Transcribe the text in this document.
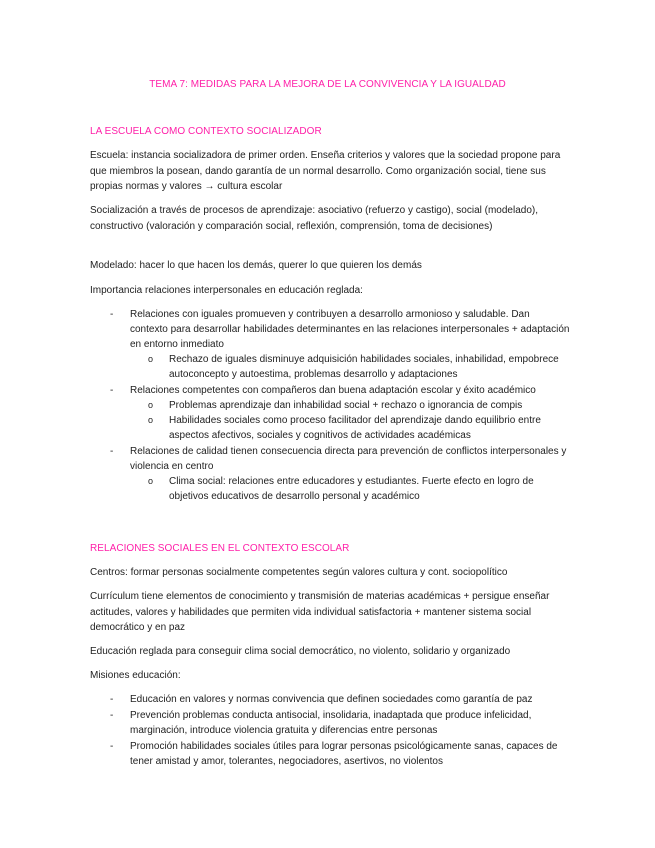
TEMA 7: MEDIDAS PARA LA MEJORA DE LA CONVIVENCIA Y LA IGUALDAD
LA ESCUELA COMO CONTEXTO SOCIALIZADOR
Escuela: instancia socializadora de primer orden. Enseña criterios y valores que la sociedad propone para que miembros la posean, dando garantía de un normal desarrollo. Como organización social, tiene sus propias normas y valores → cultura escolar
Socialización a través de procesos de aprendizaje: asociativo (refuerzo y castigo), social (modelado), constructivo (valoración y comparación social, reflexión, comprensión, toma de decisiones)
Modelado: hacer lo que hacen los demás, querer lo que quieren los demás
Importancia relaciones interpersonales en educación reglada:
- Relaciones con iguales promueven y contribuyen a desarrollo armonioso y saludable. Dan contexto para desarrollar habilidades determinantes en las relaciones interpersonales + adaptación en entorno inmediato
o Rechazo de iguales disminuye adquisición habilidades sociales, inhabilidad, empobrece autoconcepto y autoestima, problemas desarrollo y adaptaciones
- Relaciones competentes con compañeros dan buena adaptación escolar y éxito académico
o Problemas aprendizaje dan inhabilidad social + rechazo o ignorancia de compis
o Habilidades sociales como proceso facilitador del aprendizaje dando equilibrio entre aspectos afectivos, sociales y cognitivos de actividades académicas
- Relaciones de calidad tienen consecuencia directa para prevención de conflictos interpersonales y violencia en centro
o Clima social: relaciones entre educadores y estudiantes. Fuerte efecto en logro de objetivos educativos de desarrollo personal y académico
RELACIONES SOCIALES EN EL CONTEXTO ESCOLAR
Centros: formar personas socialmente competentes según valores cultura y cont. sociopolítico
Currículum tiene elementos de conocimiento y transmisión de materias académicas + persigue enseñar actitudes, valores y habilidades que permiten vida individual satisfactoria + mantener sistema social democrático y en paz
Educación reglada para conseguir clima social democrático, no violento, solidario y organizado
Misiones educación:
- Educación en valores y normas convivencia que definen sociedades como garantía de paz
- Prevención problemas conducta antisocial, insolidaria, inadaptada que produce infelicidad, marginación, introduce violencia gratuita y diferencias entre personas
- Promoción habilidades sociales útiles para lograr personas psicológicamente sanas, capaces de tener amistad y amor, tolerantes, negociadores, asertivos, no violentos
